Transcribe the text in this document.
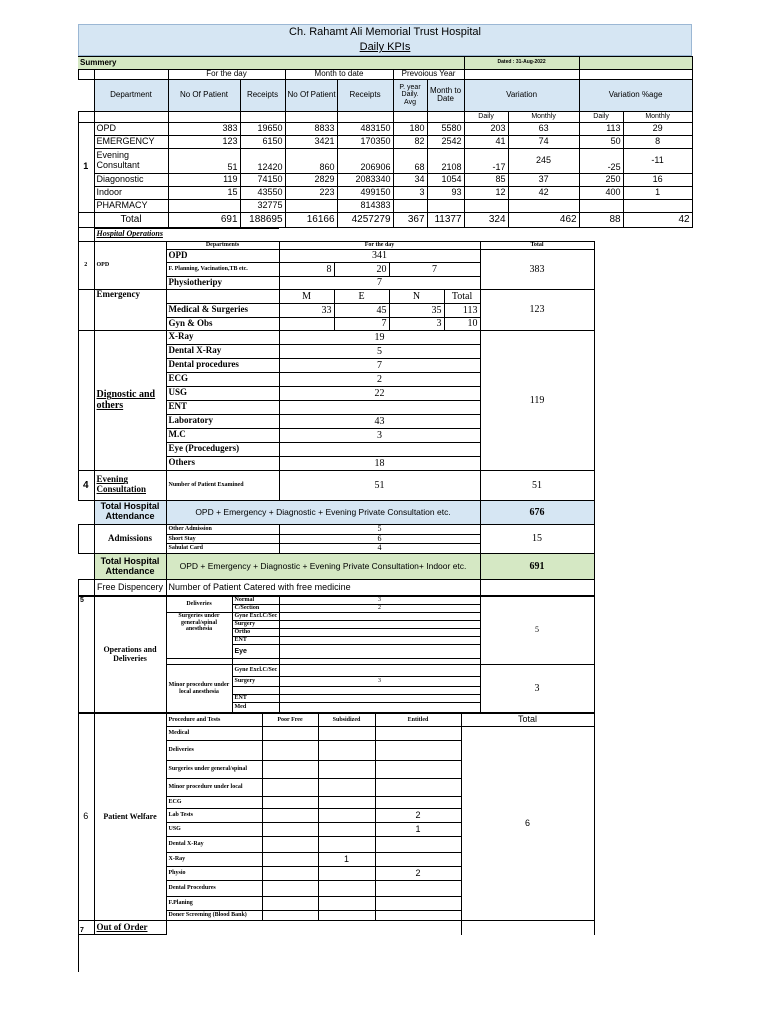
Ch. Rahamt Ali Memorial Trust Hospital
Daily KPIs
Summery								Dated : 31-Aug-2022			
		For the day		Month to date		Prevoious Year					
	Department	No Of Patient	Receipts	No Of Patient	Receipts	P. year Daily. Avg	Month to Date	Variation		Variation %age	
								Daily	Monthly	Daily	Monthly
1	OPD	383	19650	8833	483150	180	5580	203	63	113	29
	EMERGENCY	123	6150	3421	170350	82	2542	41	74	50	8
	Evening Consultant	51	12420	860	206906	68	2108	-17	245	-25	-11
	Diagonostic	119	74150	2829	2083340	34	1054	85	37	250	16
	Indoor	15	43550	223	499150	3	93	12	42	400	1
	PHARMACY		32775		814383						
	Total	691	188695	16166	4257279	367	11377	324	462	88	42
	Hospital Operations						
2	OPD	Departments	For the day				Total
		OPD	341				383
		F. Planning, Vacination,TB etc.	8	20	7		
		Physiotheripy	7				
	Emergency		M	E	N	Total	123
		Medical & Surgeries	33	45	35	113	
		Gyn & Obs		7	3	10	
	Dignostic and others	X-Ray	19				119
		Dental X-Ray	5				
		Dental procedures	7				
		ECG	2				
		USG	22				
		ENT					
		Laboratory	43				
		M.C	3				
		Eye (Procedugers)					
		Others	18				
4	Evening Consultation	Number of Patient Examined	51				51
	Total Hospital Attendance	OPD + Emergency + Diagnostic + Evening Private Consultation etc.					676
	Admissions	Other Admission	5				15
		Short Stay	6				
		Sahulat Card	4				
	Total Hospital Attendance	OPD + Emergency + Diagnostic + Evening Private Consultation+ Indoor etc.					691
	Free Dispencery	Number of Patient Catered with free medicine					
5	Operations and Deliveries	Deliveries	Normal	3	5
			C/Section	2	
		Surgeries under general/spinal anesthesia	Gyne Excl.C/Sec		
			Surgery		
			Ortho		
			ENT		
			Eye		

		Minor procedure under local anesthesia	Gyne Excl.C/Sec		3
			Surgery	3	

			ENT		
			Med		
6	Patient Welfare	Procedure and Tests	Poor Free	Subsidized	Entitled	Total
		Medical				6
		Deliveries				
		Surgeries under general/spinal				
		Minor procedure under local				
		ECG				
		Lab Tests			2	
		USG			1	
		Dental X-Ray				
		X-Ray		1		
		Physio			2	
		Dental Procedures				
		F.Planing				
		Doner Screening (Blood Bank)				
7	Out of Order					
